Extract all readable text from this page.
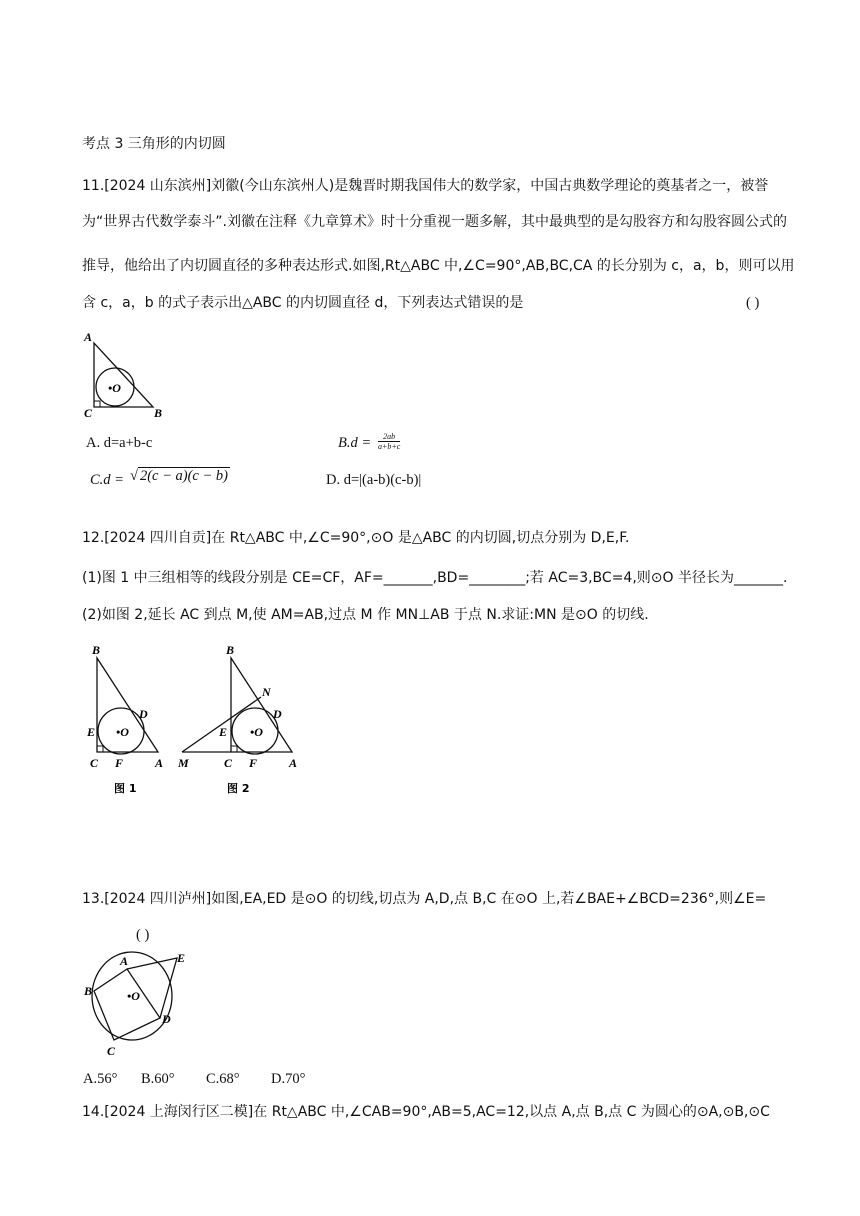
考点 3 三角形的内切圆
11.[2024 山东滨州]刘徽(今山东滨州人)是魏晋时期我国伟大的数学家，中国古典数学理论的奠基者之一，被誉
为“世界古代数学泰斗”.刘徽在注释《九章算术》时十分重视一题多解，其中最典型的是勾股容方和勾股容圆公式的
推导，他给出了内切圆直径的多种表达形式.如图,Rt△ABC 中,∠C=90°,AB,BC,CA 的长分别为 c，a，b，则可以用
含 c，a，b 的式子表示出△ABC 的内切圆直径 d，下列表达式错误的是	( )
A
B
C
•O
A. d=a+b-c	$B.d = \frac{2ab}{a+b+c}$
C.d = √ 2(c − a)(c − b)	D. d=|(a-b)(c-b)|
12.[2024 四川自贡]在 Rt△ABC 中,∠C=90°,⊙O 是△ABC 的内切圆,切点分别为 D,E,F.
(1)图 1 中三组相等的线段分别是 CE=CF，AF=_______,BD=________;若 AC=3,BC=4,则⊙O 半径长为_______.
(2)如图 2,延长 AC 到点 M,使 AM=AB,过点 M 作 MN⊥AB 于点 N.求证:MN 是⊙O 的切线.
B
D
E •O
C F	A
图 1
B
N
D
E •O
M	C F	A
图 2
13.[2024 四川泸州]如图,EA,ED 是⊙O 的切线,切点为 A,D,点 B,C 在⊙O 上,若∠BAE+∠BCD=236°,则∠E=
( )
A	E
B	•O
D
C
A.56° B.60° C.68° D.70°
14.[2024 上海闵行区二模]在 Rt△ABC 中,∠CAB=90°,AB=5,AC=12,以点 A,点 B,点 C 为圆心的⊙A,⊙B,⊙C
